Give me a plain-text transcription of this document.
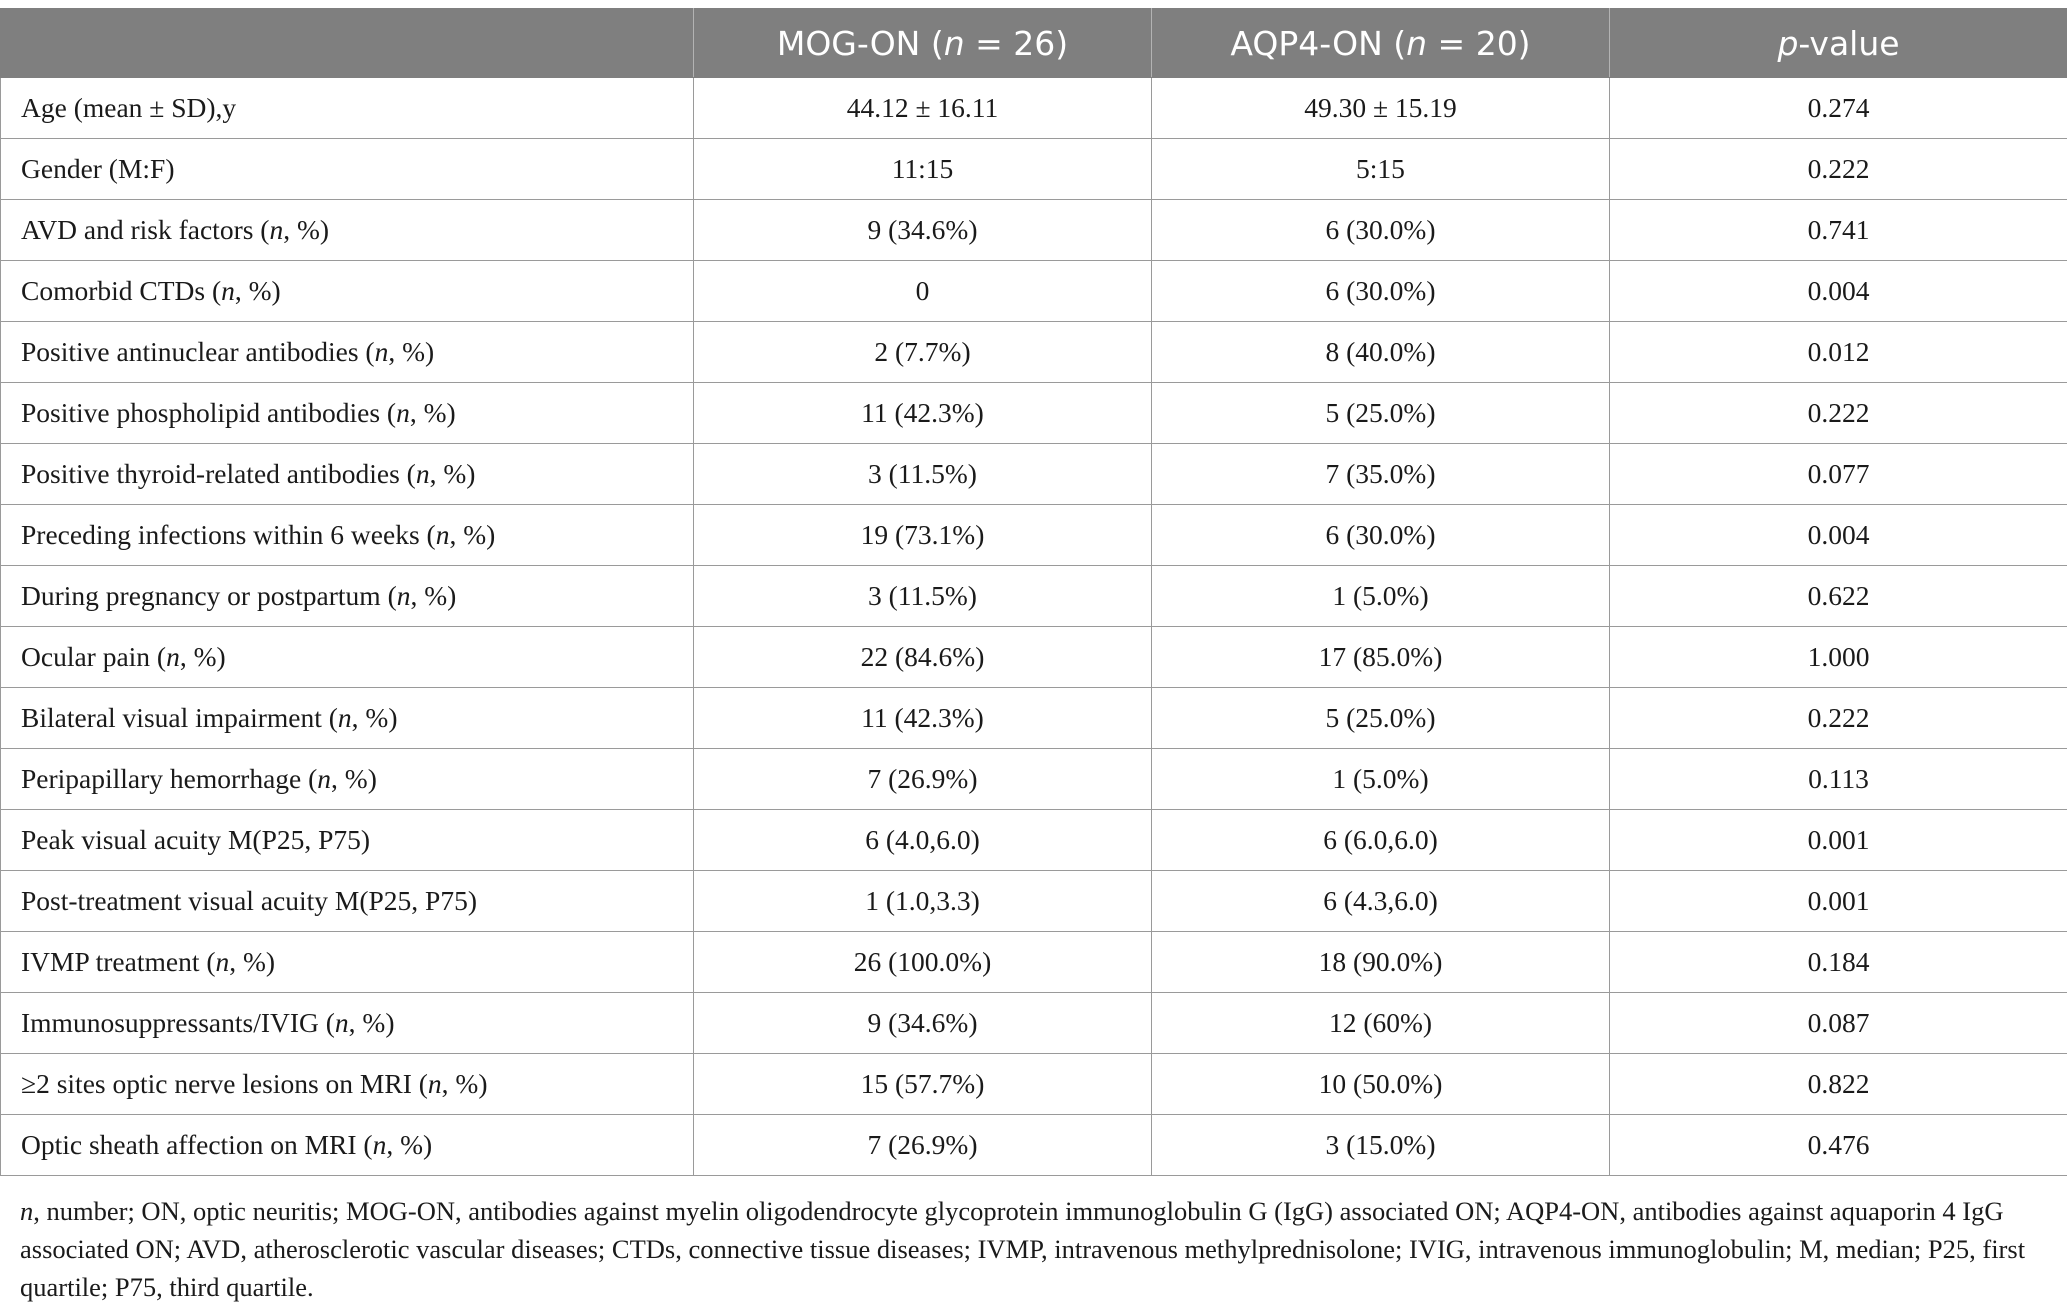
	MOG-ON (n = 26)	AQP4-ON (n = 20)	p-value
Age (mean ± SD),y	44.12 ± 16.11	49.30 ± 15.19	0.274
Gender (M:F)	11:15	5:15	0.222
AVD and risk factors (n, %)	9 (34.6%)	6 (30.0%)	0.741
Comorbid CTDs (n, %)	0	6 (30.0%)	0.004
Positive antinuclear antibodies (n, %)	2 (7.7%)	8 (40.0%)	0.012
Positive phospholipid antibodies (n, %)	11 (42.3%)	5 (25.0%)	0.222
Positive thyroid-related antibodies (n, %)	3 (11.5%)	7 (35.0%)	0.077
Preceding infections within 6 weeks (n, %)	19 (73.1%)	6 (30.0%)	0.004
During pregnancy or postpartum (n, %)	3 (11.5%)	1 (5.0%)	0.622
Ocular pain (n, %)	22 (84.6%)	17 (85.0%)	1.000
Bilateral visual impairment (n, %)	11 (42.3%)	5 (25.0%)	0.222
Peripapillary hemorrhage (n, %)	7 (26.9%)	1 (5.0%)	0.113
Peak visual acuity M(P25, P75)	6 (4.0,6.0)	6 (6.0,6.0)	0.001
Post-treatment visual acuity M(P25, P75)	1 (1.0,3.3)	6 (4.3,6.0)	0.001
IVMP treatment (n, %)	26 (100.0%)	18 (90.0%)	0.184
Immunosuppressants/IVIG (n, %)	9 (34.6%)	12 (60%)	0.087
≥2 sites optic nerve lesions on MRI (n, %)	15 (57.7%)	10 (50.0%)	0.822
Optic sheath affection on MRI (n, %)	7 (26.9%)	3 (15.0%)	0.476
n, number; ON, optic neuritis; MOG-ON, antibodies against myelin oligodendrocyte glycoprotein immunoglobulin G (IgG) associated ON; AQP4-ON, antibodies against aquaporin 4 IgG associated ON; AVD, atherosclerotic vascular diseases; CTDs, connective tissue diseases; IVMP, intravenous methylprednisolone; IVIG, intravenous immunoglobulin; M, median; P25, first quartile; P75, third quartile.
